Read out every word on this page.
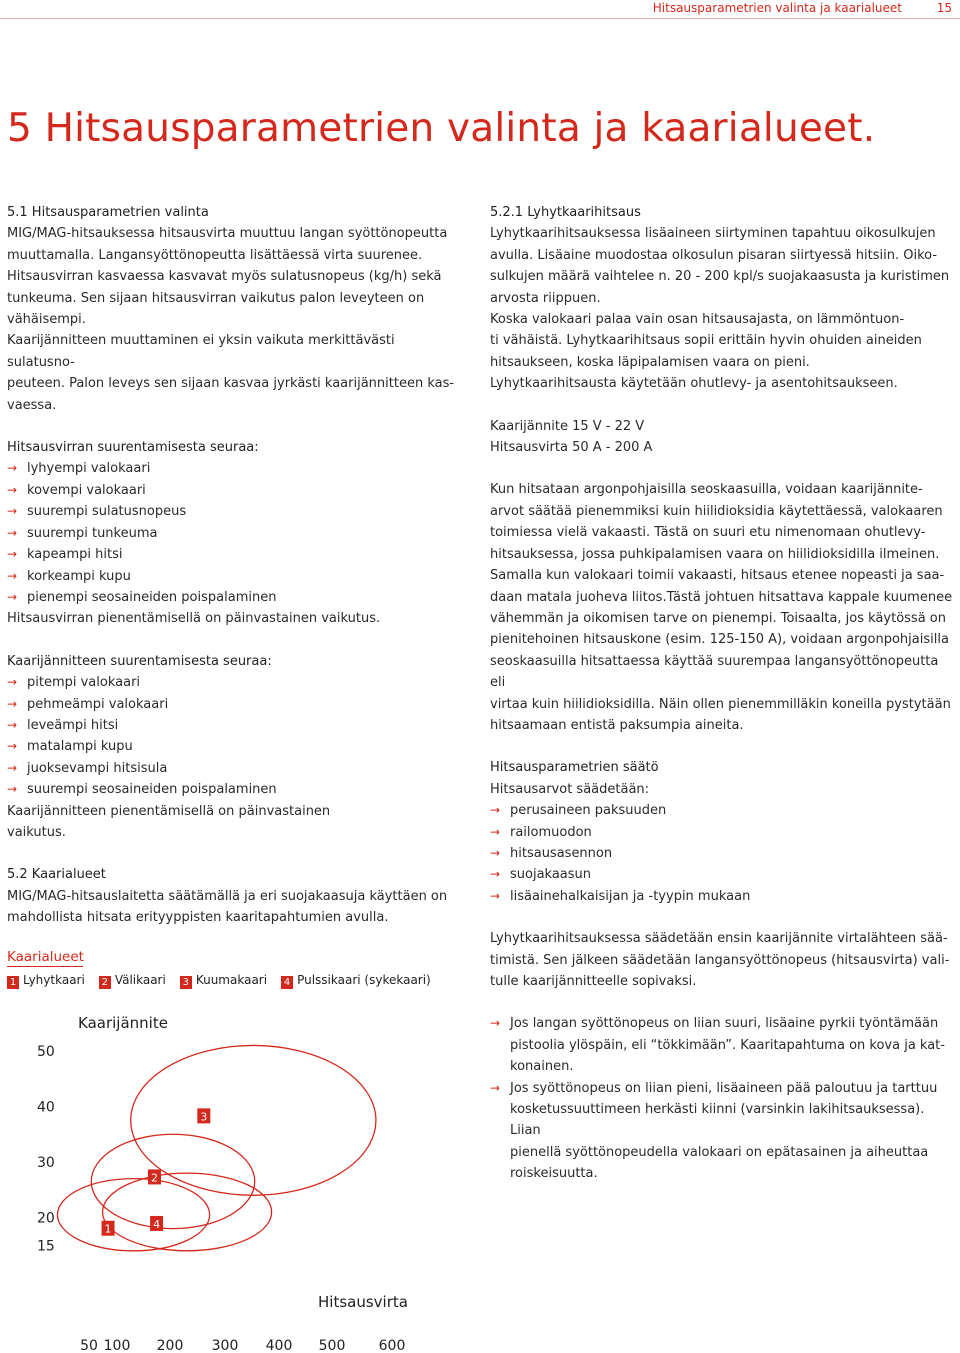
Hitsausparametrien valinta ja kaarialueet	15
5 Hitsausparametrien valinta ja kaarialueet.

5.1 Hitsausparametrien valinta

MIG/MAG-hitsauksessa hitsausvirta muuttuu langan syöttönopeutta

muuttamalla. Langansyöttönopeutta lisättäessä virta suurenee.

Hitsausvirran kasvaessa kasvavat myös sulatusnopeus (kg/h) sekä

tunkeuma. Sen sijaan hitsausvirran vaikutus palon leveyteen on

vähäisempi.

Kaarijännitteen muuttaminen ei yksin vaikuta merkittävästi sulatusno-

peuteen. Palon leveys sen sijaan kasvaa jyrkästi kaarijännitteen kas-

vaessa.

Hitsausvirran suurentamisesta seuraa:

→ lyhyempi valokaari
→ kovempi valokaari
→ suurempi sulatusnopeus
→ suurempi tunkeuma
→ kapeampi hitsi
→ korkeampi kupu
→ pienempi seosaineiden poispalaminen

Hitsausvirran pienentämisellä on päinvastainen vaikutus.

Kaarijännitteen suurentamisesta seuraa:

→ pitempi valokaari
→ pehmeämpi valokaari
→ leveämpi hitsi
→ matalampi kupu
→ juoksevampi hitsisula
→ suurempi seosaineiden poispalaminen

Kaarijännitteen pienentämisellä on päinvastainen

vaikutus.

5.2 Kaarialueet

MIG/MAG-hitsauslaitetta säätämällä ja eri suojakaasuja käyttäen on

mahdollista hitsata erityyppisten kaaritapahtumien avulla.

5.2.1 Lyhytkaarihitsaus

Lyhytkaarihitsauksessa lisäaineen siirtyminen tapahtuu oikosulkujen

avulla. Lisäaine muodostaa olkosulun pisaran siirtyessä hitsiin. Oiko-

sulkujen määrä vaihtelee n. 20 - 200 kpl/s suojakaasusta ja kuristimen

arvosta riippuen.

Koska valokaari palaa vain osan hitsausajasta, on lämmöntuon-

ti vähäistä. Lyhytkaarihitsaus sopii erittäin hyvin ohuiden aineiden

hitsaukseen, koska läpipalamisen vaara on pieni.

Lyhytkaarihitsausta käytetään ohutlevy- ja asentohitsaukseen.

Kaarijännite 15 V - 22 V

Hitsausvirta 50 A - 200 A

Kun hitsataan argonpohjaisilla seoskaasuilla, voidaan kaarijännite-

arvot säätää pienemmiksi kuin hiilidioksidia käytettäessä, valokaaren

toimiessa vielä vakaasti. Tästä on suuri etu nimenomaan ohutlevy-

hitsauksessa, jossa puhkipalamisen vaara on hiilidioksidilla ilmeinen.

Samalla kun valokaari toimii vakaasti, hitsaus etenee nopeasti ja saa-

daan matala juoheva liitos.Tästä johtuen hitsattava kappale kuumenee

vähemmän ja oikomisen tarve on pienempi. Toisaalta, jos käytössä on

pienitehoinen hitsauskone (esim. 125-150 A), voidaan argonpohjaisilla

seoskaasuilla hitsattaessa käyttää suurempaa langansyöttönopeutta eli

virtaa kuin hiilidioksidilla. Näin ollen pienemmilläkin koneilla pystytään

hitsaamaan entistä paksumpia aineita.

Hitsausparametrien säätö

Hitsausarvot säädetään:

→ perusaineen paksuuden
→ railomuodon
→ hitsausasennon
→ suojakaasun
→ lisäainehalkaisijan ja -tyypin mukaan

Lyhytkaarihitsauksessa säädetään ensin kaarijännite virtalähteen sää-

timistä. Sen jälkeen säädetään langansyöttönopeus (hitsausvirta) vali-

tulle kaarijännitteelle sopivaksi.

→ Jos langan syöttönopeus on liian suuri, lisäaine pyrkii työntämään
pistoolia ylöspäin, eli “tökkimään”. Kaaritapahtuma on kova ja kat-
konainen.
→ Jos syöttönopeus on liian pieni, lisäaineen pää paloutuu ja tarttuu
kosketussuuttimeen herkästi kiinni (varsinkin lakihitsauksessa). Liian
pienellä syöttönopeudella valokaari on epätasainen ja aiheuttaa
roiskeisuutta.
Kaarialueet
1 Lyhytkaari 2 Välikaari 3 Kuumakaari 4 Pulssikaari (sykekaari)
1
2
3
4
Kaarijännite
Hitsausvirta
50
40
30
20
15
50 100 200 300 400 500 600
